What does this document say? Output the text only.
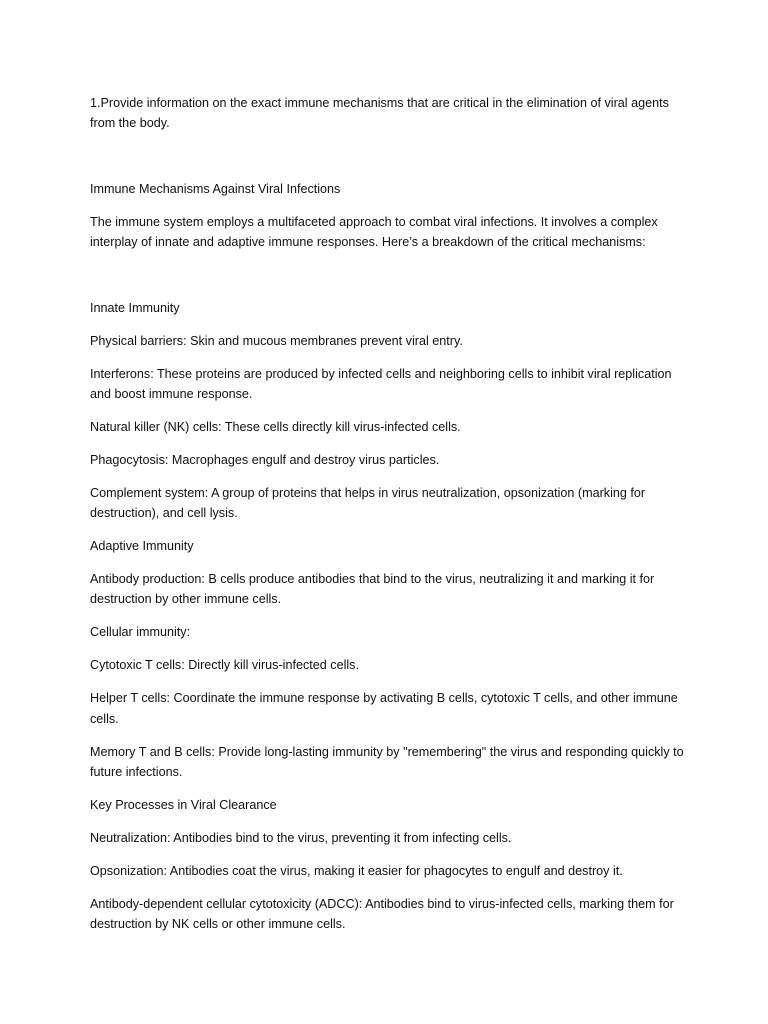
1.Provide information on the exact immune mechanisms that are critical in the elimination of viral agents from the body.

Immune Mechanisms Against Viral Infections

The immune system employs a multifaceted approach to combat viral infections. It involves a complex interplay of innate and adaptive immune responses. Here’s a breakdown of the critical mechanisms:

Innate Immunity

Physical barriers: Skin and mucous membranes prevent viral entry.

Interferons: These proteins are produced by infected cells and neighboring cells to inhibit viral replication and boost immune response.

Natural killer (NK) cells: These cells directly kill virus-infected cells.

Phagocytosis: Macrophages engulf and destroy virus particles.

Complement system: A group of proteins that helps in virus neutralization, opsonization (marking for destruction), and cell lysis.

Adaptive Immunity

Antibody production: B cells produce antibodies that bind to the virus, neutralizing it and marking it for destruction by other immune cells.

Cellular immunity:

Cytotoxic T cells: Directly kill virus-infected cells.

Helper T cells: Coordinate the immune response by activating B cells, cytotoxic T cells, and other immune cells.

Memory T and B cells: Provide long-lasting immunity by "remembering" the virus and responding quickly to future infections.

Key Processes in Viral Clearance

Neutralization: Antibodies bind to the virus, preventing it from infecting cells.

Opsonization: Antibodies coat the virus, making it easier for phagocytes to engulf and destroy it.

Antibody-dependent cellular cytotoxicity (ADCC): Antibodies bind to virus-infected cells, marking them for destruction by NK cells or other immune cells.
